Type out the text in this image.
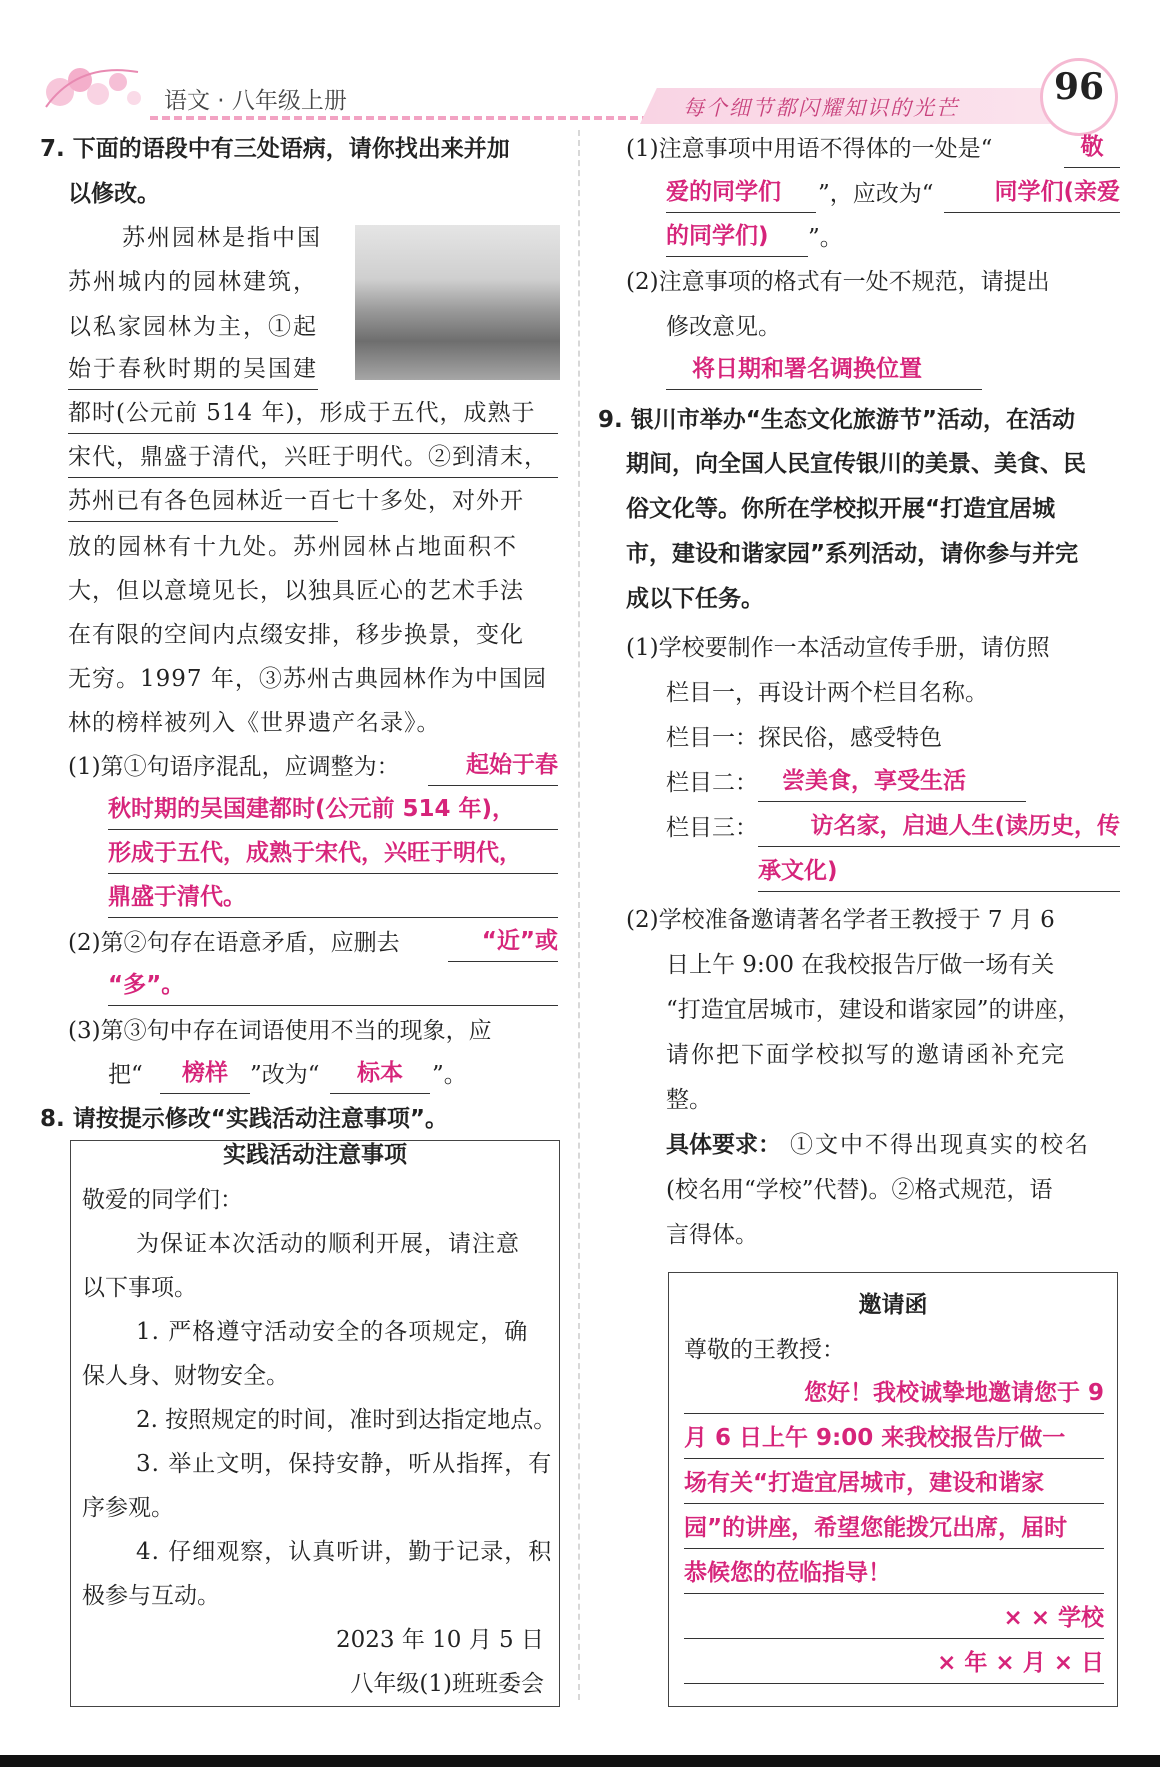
语文 · 八年级上册	每个细节都闪耀知识的光芒	96
7. 下面的语段中有三处语病，请你找出来并加
以修改。
苏州园林是指中国
苏州城内的园林建筑，
以私家园林为主，①起
始于春秋时期的吴国建
都时(公元前 514 年)，形成于五代，成熟于
宋代，鼎盛于清代，兴旺于明代。②到清末，
苏州已有各色园林近一百七十多处，对外开
放的园林有十九处。苏州园林占地面积不
大，但以意境见长，以独具匠心的艺术手法
在有限的空间内点缀安排，移步换景，变化
无穷。1997 年，③苏州古典园林作为中国园
林的榜样被列入《世界遗产名录》。
(1)第①句语序混乱，应调整为：	起始于春
秋时期的吴国建都时(公元前 514 年)，
形成于五代，成熟于宋代，兴旺于明代，
鼎盛于清代。
(2)第②句存在语意矛盾，应删去	“近”或
“多”。
(3)第③句中存在词语使用不当的现象，应
把“	榜样 ”改为“	标本	”。
8. 请按提示修改“实践活动注意事项”。
实践活动注意事项
敬爱的同学们：
为保证本次活动的顺利开展，请注意
以下事项。
1. 严格遵守活动安全的各项规定，确
保人身、财物安全。
2. 按照规定的时间，准时到达指定地点。
3. 举止文明，保持安静，听从指挥，有
序参观。
4. 仔细观察，认真听讲，勤于记录，积
极参与互动。
2023 年 10 月 5 日
八年级(1)班班委会
(1)注意事项中用语不得体的一处是“	敬
爱的同学们	”，应改为“	同学们(亲爱
的同学们)	”。
(2)注意事项的格式有一处不规范，请提出
修改意见。
将日期和署名调换位置
9. 银川市举办“生态文化旅游节”活动，在活动
期间，向全国人民宣传银川的美景、美食、民
俗文化等。你所在学校拟开展“打造宜居城
市，建设和谐家园”系列活动，请你参与并完
成以下任务。
(1)学校要制作一本活动宣传手册，请仿照
栏目一，再设计两个栏目名称。
栏目一：探民俗，感受特色
栏目二：	尝美食，享受生活
栏目三：	访名家，启迪人生(读历史，传
承文化)
(2)学校准备邀请著名学者王教授于 7 月 6
日上午 9:00 在我校报告厅做一场有关
“打造宜居城市，建设和谐家园”的讲座，
请你把下面学校拟写的邀请函补充完
整。
具体要求： ①文中不得出现真实的校名
(校名用“学校”代替)。②格式规范，语
言得体。
邀请函
尊敬的王教授：
您好！我校诚挚地邀请您于 9
月 6 日上午 9:00 来我校报告厅做一
场有关“打造宜居城市，建设和谐家
园”的讲座，希望您能拨冗出席，届时
恭候您的莅临指导！
× × 学校
× 年 × 月 × 日
